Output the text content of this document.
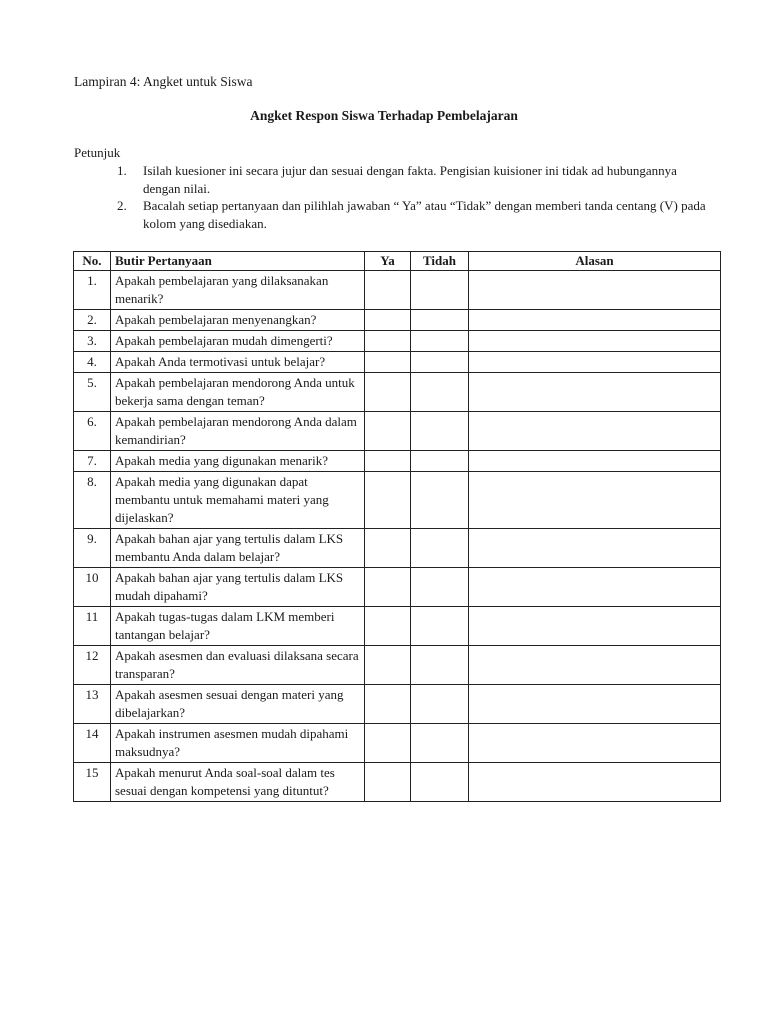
Lampiran 4: Angket untuk Siswa
Angket Respon Siswa Terhadap Pembelajaran
Petunjuk
1. Isilah kuesioner ini secara jujur dan sesuai dengan fakta. Pengisian kuisioner ini tidak ad hubungannya dengan nilai.
2. Bacalah setiap pertanyaan dan pilihlah jawaban “ Ya” atau “Tidak” dengan memberi tanda centang (V) pada kolom yang disediakan.
No.	Butir Pertanyaan	Ya	Tidah	Alasan
1.	Apakah pembelajaran yang dilaksanakan menarik?			
2.	Apakah pembelajaran menyenangkan?			
3.	Apakah pembelajaran mudah dimengerti?			
4.	Apakah Anda termotivasi untuk belajar?			
5.	Apakah pembelajaran mendorong Anda untuk bekerja sama dengan teman?			
6.	Apakah pembelajaran mendorong Anda dalam kemandirian?			
7.	Apakah media yang digunakan menarik?			
8.	Apakah media yang digunakan dapat membantu untuk memahami materi yang dijelaskan?			
9.	Apakah bahan ajar yang tertulis dalam LKS membantu Anda dalam belajar?			
10	Apakah bahan ajar yang tertulis dalam LKS mudah dipahami?			
11	Apakah tugas-tugas dalam LKM memberi tantangan belajar?			
12	Apakah asesmen dan evaluasi dilaksana secara transparan?			
13	Apakah asesmen sesuai dengan materi yang dibelajarkan?			
14	Apakah instrumen asesmen mudah dipahami maksudnya?			
15	Apakah menurut Anda soal-soal dalam tes sesuai dengan kompetensi yang dituntut?			
